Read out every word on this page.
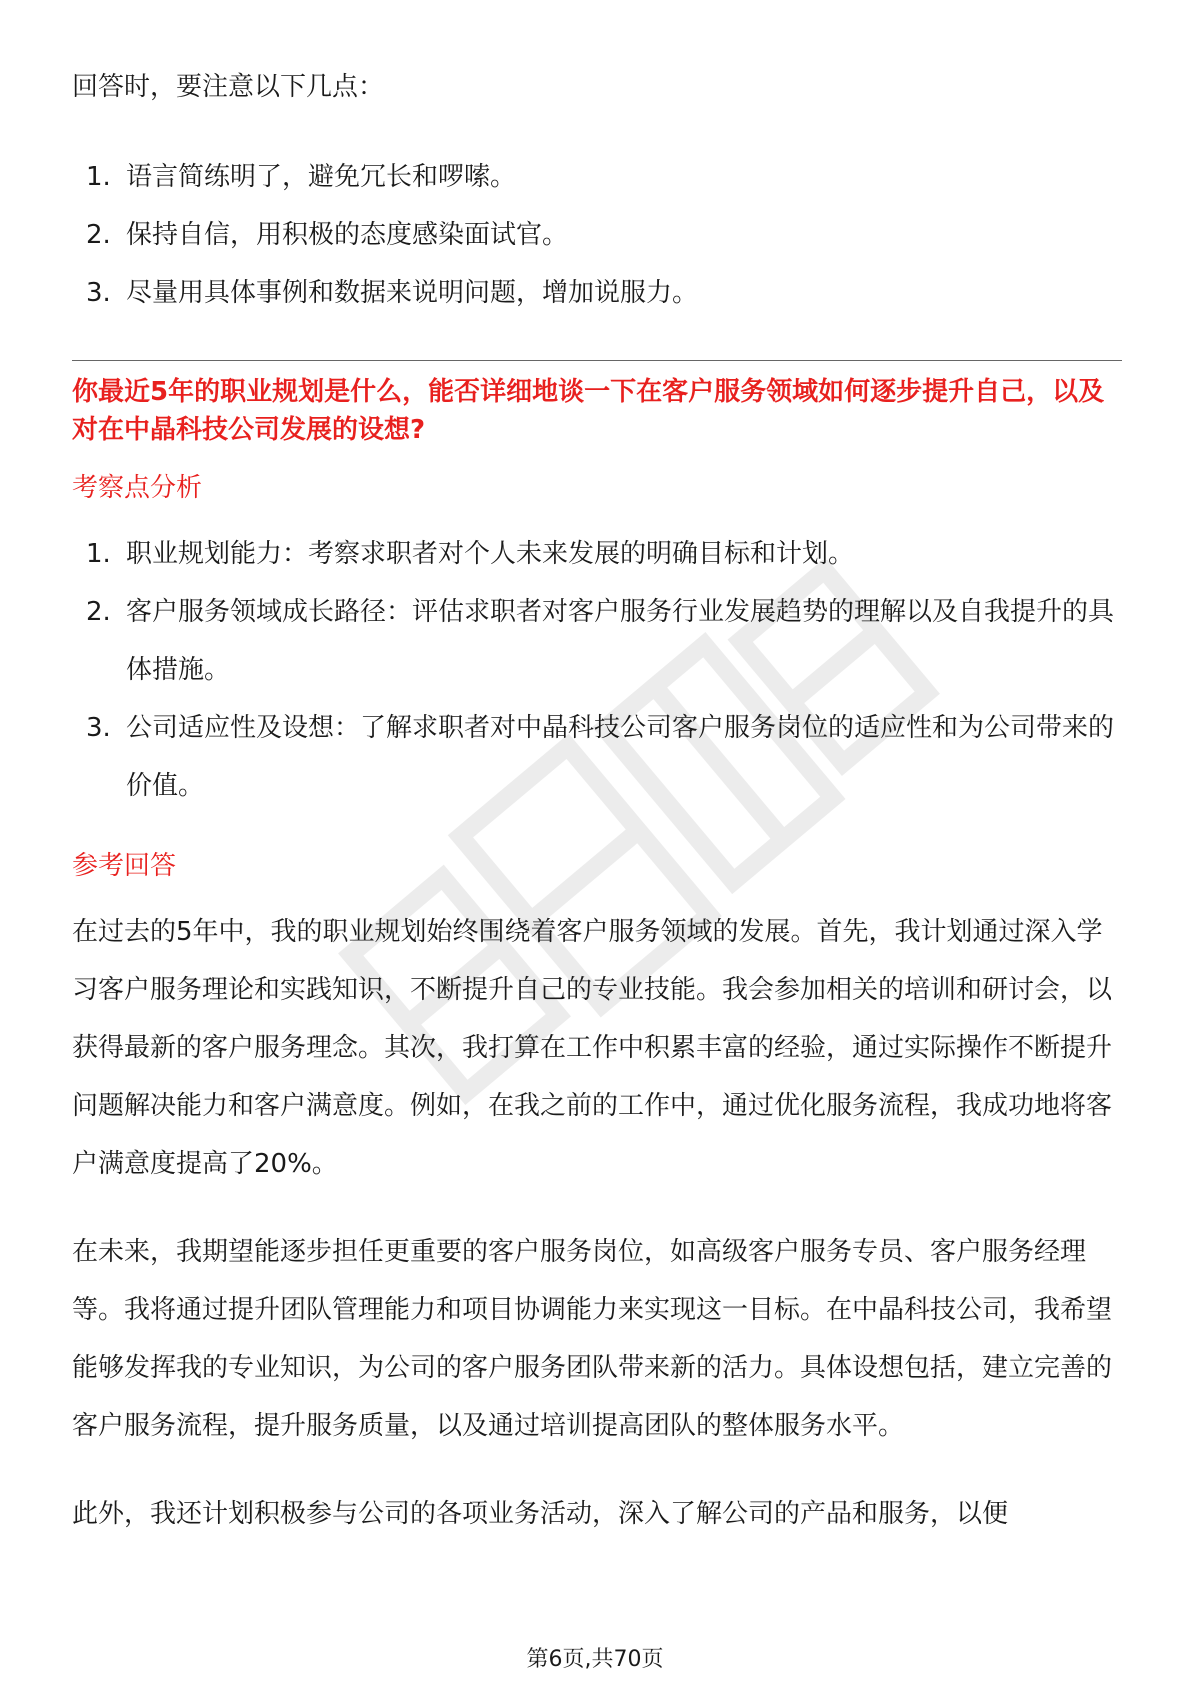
回答时，要注意以下几点：

1. 语言简练明了，避免冗长和啰嗦。
2. 保持自信，用积极的态度感染面试官。
3. 尽量用具体事例和数据来说明问题，增加说服力。
你最近5年的职业规划是什么，能否详细地谈一下在客户服务领域如何逐步提升自己，以及对在中晶科技公司发展的设想?
考察点分析
1. 职业规划能力：考察求职者对个人未来发展的明确目标和计划。
2. 客户服务领域成长路径：评估求职者对客户服务行业发展趋势的理解以及自我提升的具体措施。
3. 公司适应性及设想：了解求职者对中晶科技公司客户服务岗位的适应性和为公司带来的价值。
参考回答

在过去的5年中，我的职业规划始终围绕着客户服务领域的发展。首先，我计划通过深入学习客户服务理论和实践知识，不断提升自己的专业技能。我会参加相关的培训和研讨会，以获得最新的客户服务理念。其次，我打算在工作中积累丰富的经验，通过实际操作不断提升问题解决能力和客户满意度。例如，在我之前的工作中，通过优化服务流程，我成功地将客户满意度提高了20%。

在未来，我期望能逐步担任更重要的客户服务岗位，如高级客户服务专员、客户服务经理等。我将通过提升团队管理能力和项目协调能力来实现这一目标。在中晶科技公司，我希望能够发挥我的专业知识，为公司的客户服务团队带来新的活力。具体设想包括，建立完善的客户服务流程，提升服务质量，以及通过培训提高团队的整体服务水平。

此外，我还计划积极参与公司的各项业务活动，深入了解公司的产品和服务，以便

第6页,共70页
